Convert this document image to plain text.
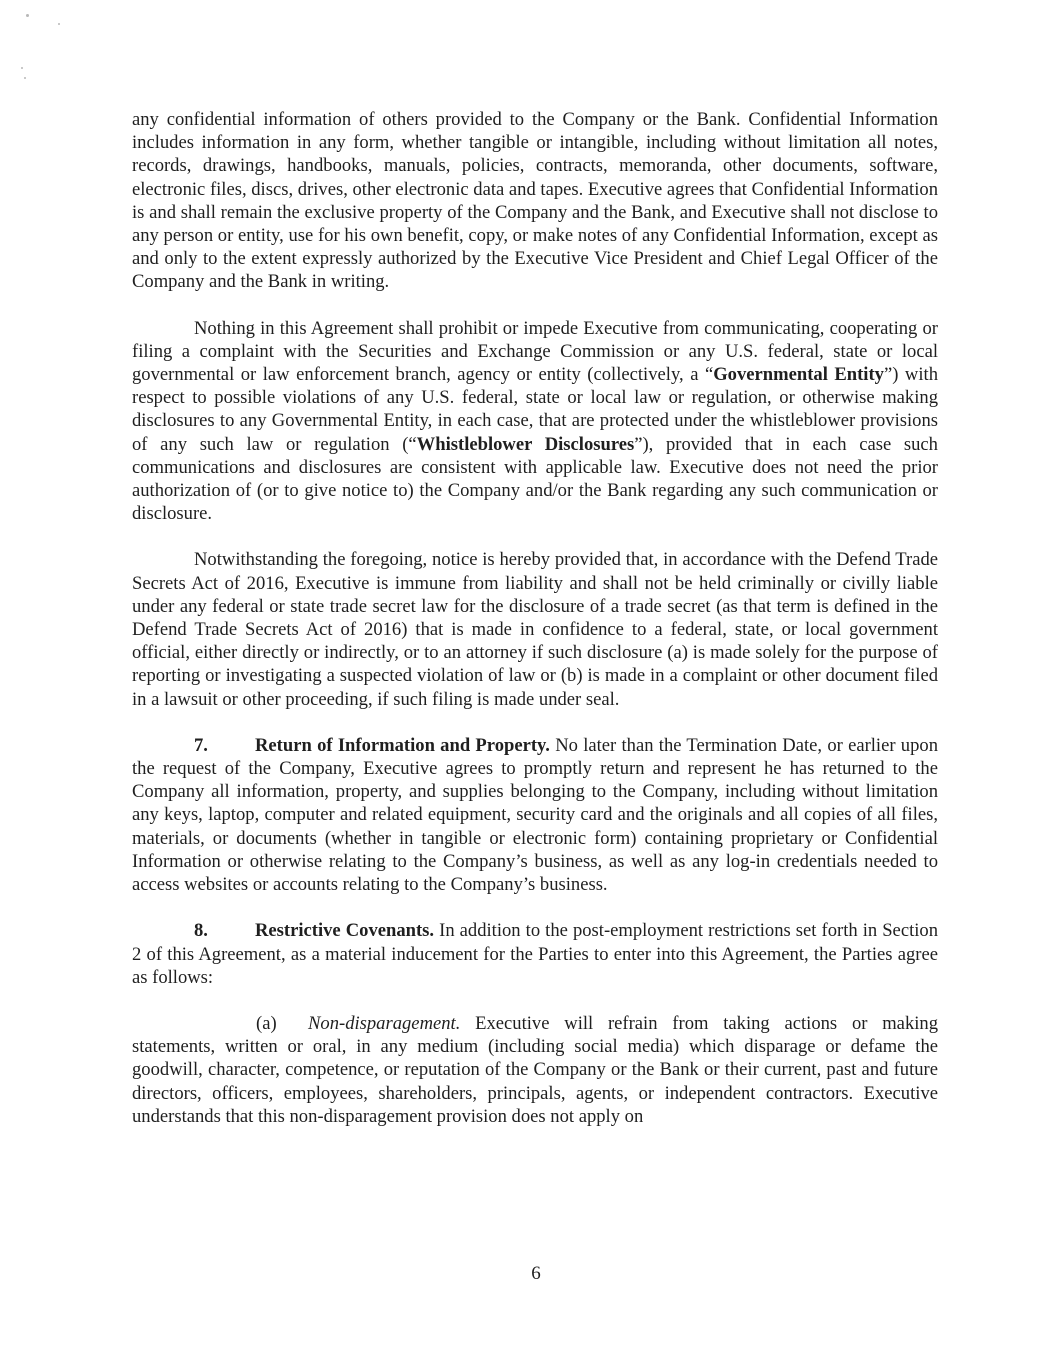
any confidential information of others provided to the Company or the Bank. Confidential Information includes information in any form, whether tangible or intangible, including without limitation all notes, records, drawings, handbooks, manuals, policies, contracts, memoranda, other documents, software, electronic files, discs, drives, other electronic data and tapes. Executive agrees that Confidential Information is and shall remain the exclusive property of the Company and the Bank, and Executive shall not disclose to any person or entity, use for his own benefit, copy, or make notes of any Confidential Information, except as and only to the extent expressly authorized by the Executive Vice President and Chief Legal Officer of the Company and the Bank in writing.

Nothing in this Agreement shall prohibit or impede Executive from communicating, cooperating or filing a complaint with the Securities and Exchange Commission or any U.S. federal, state or local governmental or law enforcement branch, agency or entity (collectively, a “Governmental Entity”) with respect to possible violations of any U.S. federal, state or local law or regulation, or otherwise making disclosures to any Governmental Entity, in each case, that are protected under the whistleblower provisions of any such law or regulation (“Whistleblower Disclosures”), provided that in each case such communications and disclosures are consistent with applicable law. Executive does not need the prior authorization of (or to give notice to) the Company and/or the Bank regarding any such communication or disclosure.

Notwithstanding the foregoing, notice is hereby provided that, in accordance with the Defend Trade Secrets Act of 2016, Executive is immune from liability and shall not be held criminally or civilly liable under any federal or state trade secret law for the disclosure of a trade secret (as that term is defined in the Defend Trade Secrets Act of 2016) that is made in confidence to a federal, state, or local government official, either directly or indirectly, or to an attorney if such disclosure (a) is made solely for the purpose of reporting or investigating a suspected violation of law or (b) is made in a complaint or other document filed in a lawsuit or other proceeding, if such filing is made under seal.

7.	Return of Information and Property. No later than the Termination Date, or earlier upon the request of the Company, Executive agrees to promptly return and represent he has returned to the Company all information, property, and supplies belonging to the Company, including without limitation any keys, laptop, computer and related equipment, security card and the originals and all copies of all files, materials, or documents (whether in tangible or electronic form) containing proprietary or Confidential Information or otherwise relating to the Company’s business, as well as any log-in credentials needed to access websites or accounts relating to the Company’s business.

8.	Restrictive Covenants. In addition to the post-employment restrictions set forth in Section 2 of this Agreement, as a material inducement for the Parties to enter into this Agreement, the Parties agree as follows:

(a) Non-disparagement. Executive will refrain from taking actions or making statements, written or oral, in any medium (including social media) which disparage or defame the goodwill, character, competence, or reputation of the Company or the Bank or their current, past and future directors, officers, employees, shareholders, principals, agents, or independent contractors. Executive understands that this non-disparagement provision does not apply on

6
